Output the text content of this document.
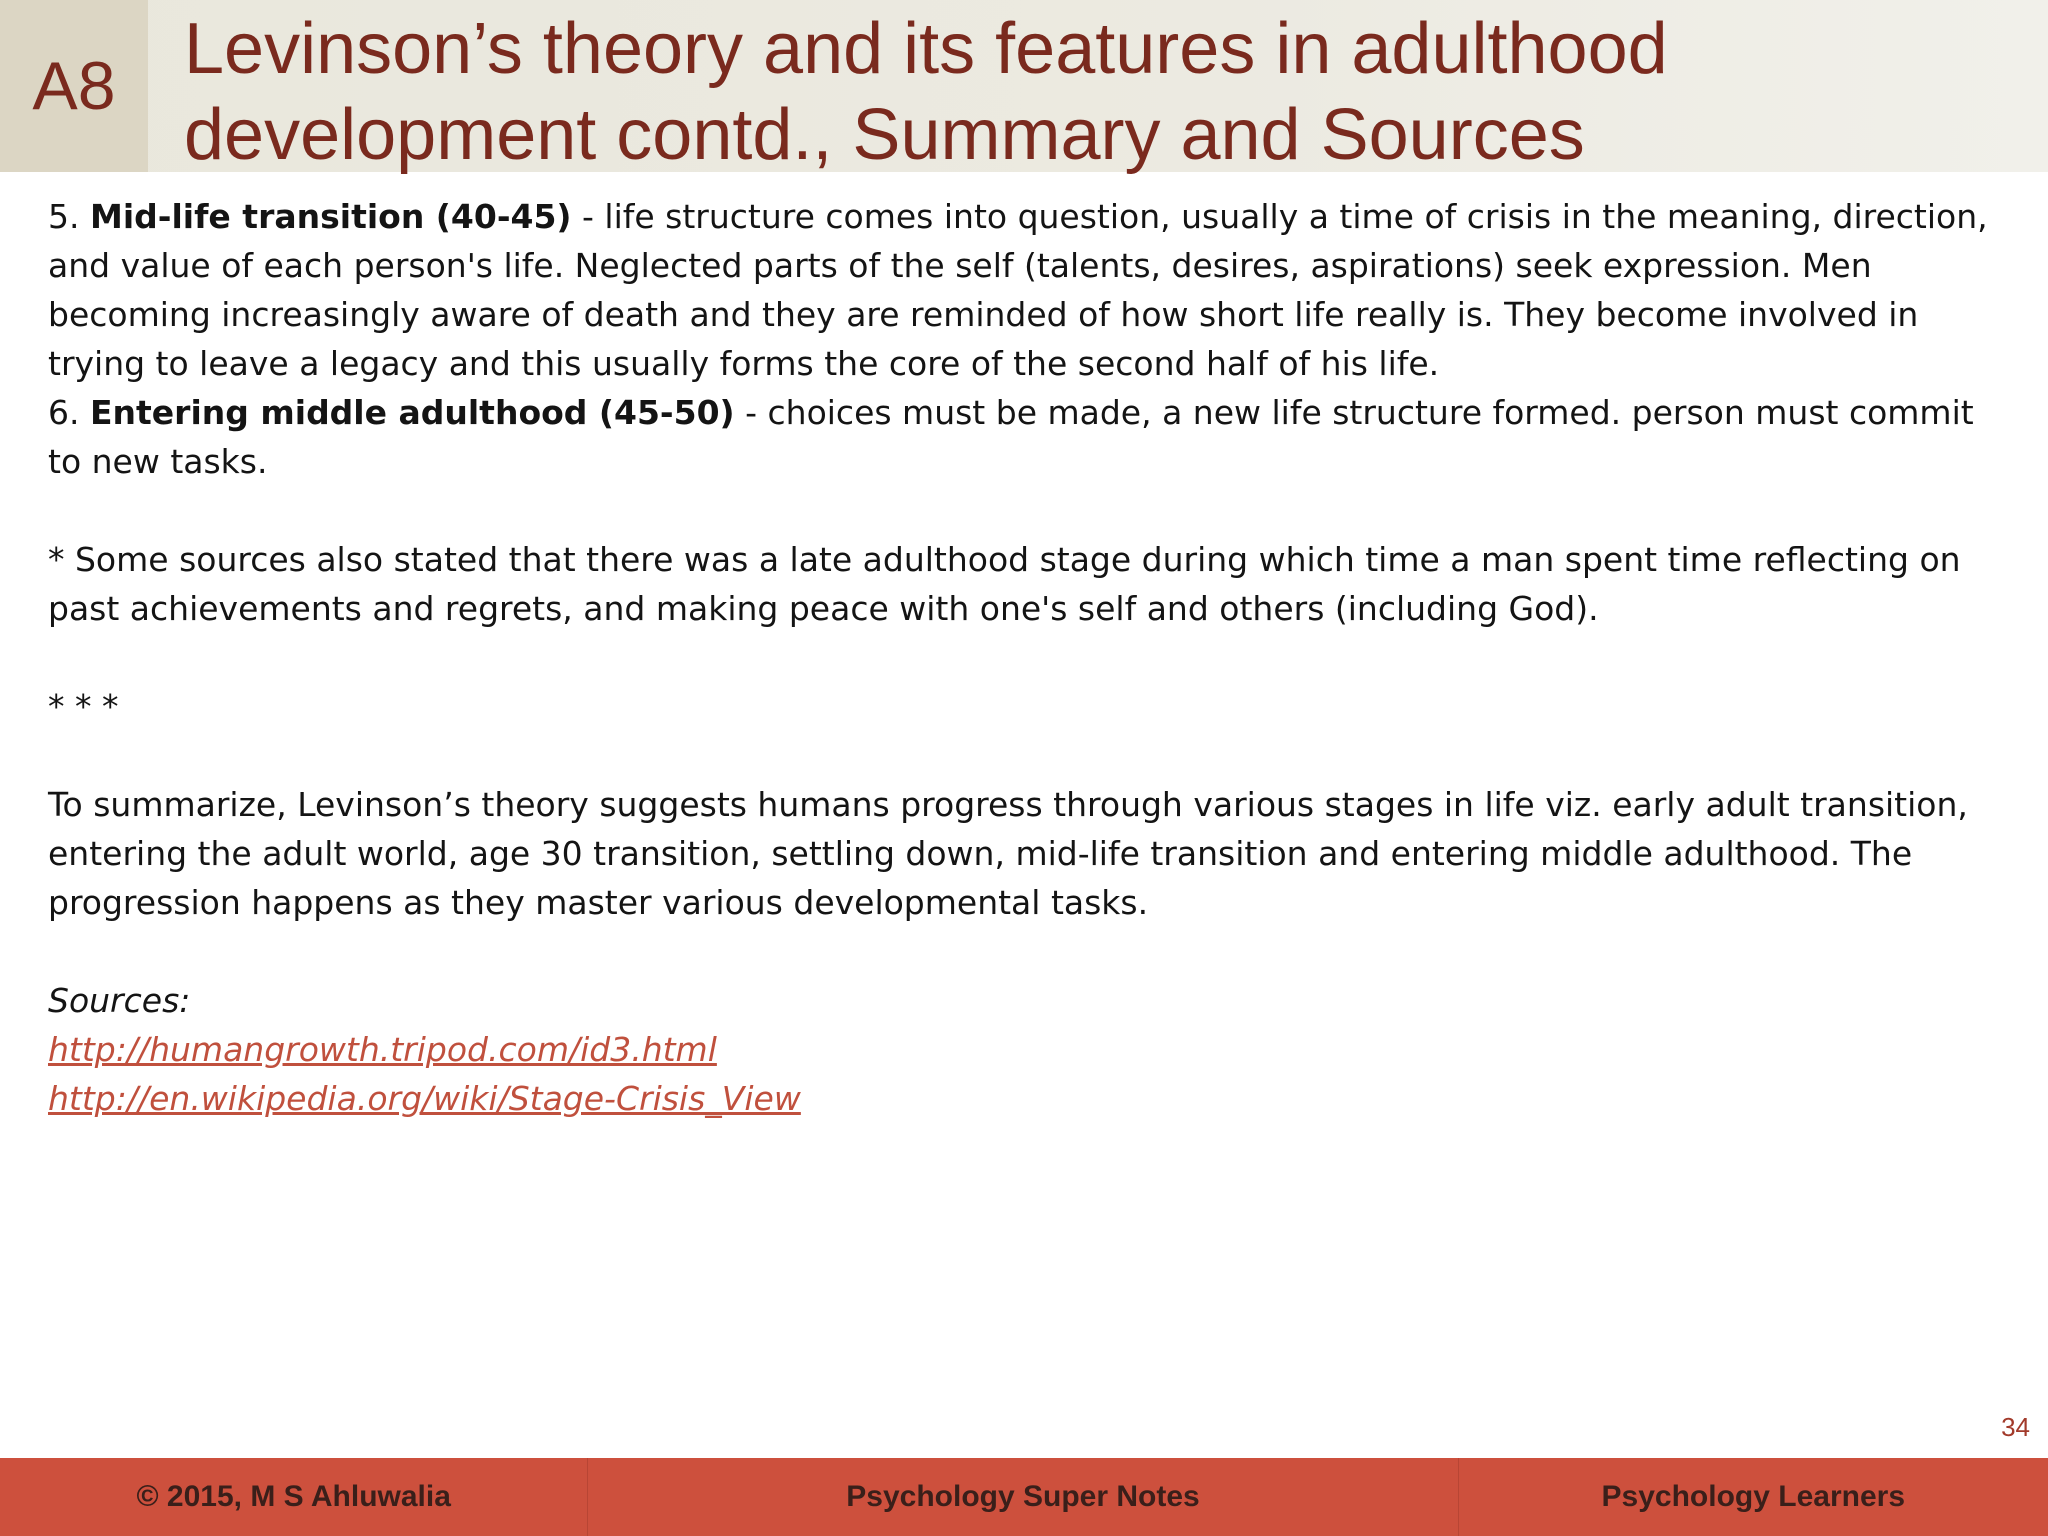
A8 Levinson’s theory and its features in adulthood
development contd., Summary and Sources

5. Mid-life transition (40-45) - life structure comes into question, usually a time of crisis in the meaning, direction, and value of each person's life. Neglected parts of the self (talents, desires, aspirations) seek expression. Men becoming increasingly aware of death and they are reminded of how short life really is. They become involved in trying to leave a legacy and this usually forms the core of the second half of his life.

6. Entering middle adulthood (45-50) - choices must be made, a new life structure formed. person must commit to new tasks.

* Some sources also stated that there was a late adulthood stage during which time a man spent time reflecting on past achievements and regrets, and making peace with one's self and others (including God).

* * *

To summarize, Levinson’s theory suggests humans progress through various stages in life viz. early adult transition, entering the adult world, age 30 transition, settling down, mid-life transition and entering middle adulthood. The progression happens as they master various developmental tasks.

Sources:

http://humangrowth.tripod.com/id3.html
http://en.wikipedia.org/wiki/Stage-Crisis_View
34
© 2015, M S Ahluwalia	Psychology Super Notes	Psychology Learners
